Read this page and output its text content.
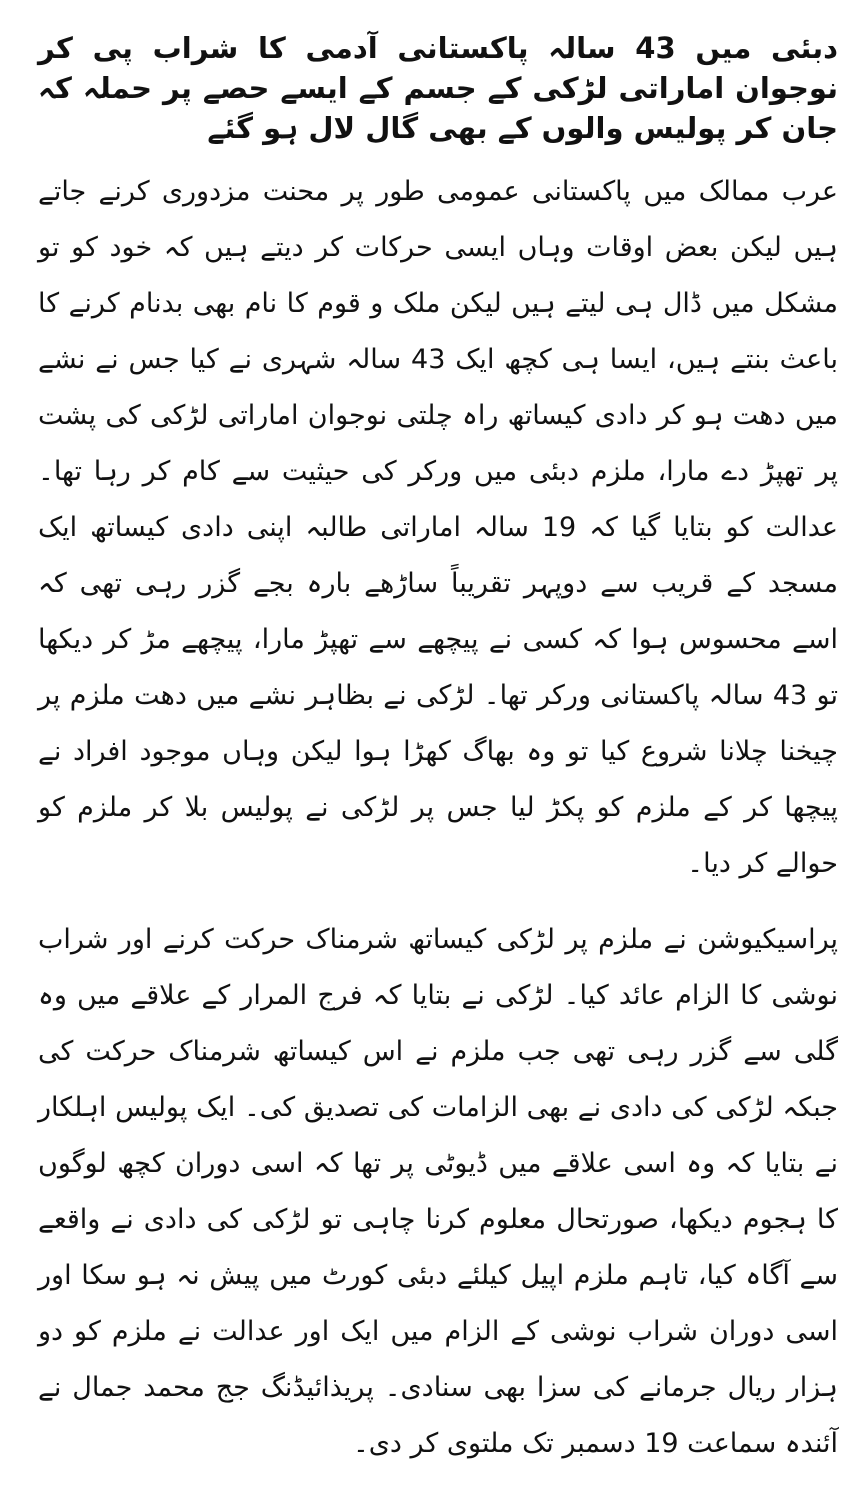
دبئی میں 43 سالہ پاکستانی آدمی کا شراب پی کر نوجوان اماراتی لڑکی کے جسم کے ایسے حصے پر حملہ کہ جان کر پولیس والوں کے بھی گال لال ہو گئے
عرب ممالک میں پاکستانی عمومی طور پر محنت مزدوری کرنے جاتے ہیں لیکن بعض اوقات وہاں ایسی حرکات کر دیتے ہیں کہ خود کو تو مشکل میں ڈال ہی لیتے ہیں لیکن ملک و قوم کا نام بھی بدنام کرنے کا باعث بنتے ہیں، ایسا ہی کچھ ایک 43 سالہ شہری نے کیا جس نے نشے میں دھت ہو کر دادی کیساتھ راہ چلتی نوجوان اماراتی لڑکی کی پشت پر تھپڑ دے مارا، ملزم دبئی میں ورکر کی حیثیت سے کام کر رہا تھا۔ عدالت کو بتایا گیا کہ 19 سالہ اماراتی طالبہ اپنی دادی کیساتھ ایک مسجد کے قریب سے دوپہر تقریباً ساڑھے بارہ بجے گزر رہی تھی کہ اسے محسوس ہوا کہ کسی نے پیچھے سے تھپڑ مارا، پیچھے مڑ کر دیکھا تو 43 سالہ پاکستانی ورکر تھا۔ لڑکی نے بظاہر نشے میں دھت ملزم پر چیخنا چلانا شروع کیا تو وہ بھاگ کھڑا ہوا لیکن وہاں موجود افراد نے پیچھا کر کے ملزم کو پکڑ لیا جس پر لڑکی نے پولیس بلا کر ملزم کو حوالے کر دیا۔
پراسیکیوشن نے ملزم پر لڑکی کیساتھ شرمناک حرکت کرنے اور شراب نوشی کا الزام عائد کیا۔ لڑکی نے بتایا کہ فرج المرار کے علاقے میں وہ گلی سے گزر رہی تھی جب ملزم نے اس کیساتھ شرمناک حرکت کی جبکہ لڑکی کی دادی نے بھی الزامات کی تصدیق کی۔ ایک پولیس اہلکار نے بتایا کہ وہ اسی علاقے میں ڈیوٹی پر تھا کہ اسی دوران کچھ لوگوں کا ہجوم دیکھا، صورتحال معلوم کرنا چاہی تو لڑکی کی دادی نے واقعے سے آگاہ کیا، تاہم ملزم اپیل کیلئے دبئی کورٹ میں پیش نہ ہو سکا اور اسی دوران شراب نوشی کے الزام میں ایک اور عدالت نے ملزم کو دو ہزار ریال جرمانے کی سزا بھی سنادی۔ پریذائیڈنگ جج محمد جمال نے آئندہ سماعت 19 دسمبر تک ملتوی کر دی۔
